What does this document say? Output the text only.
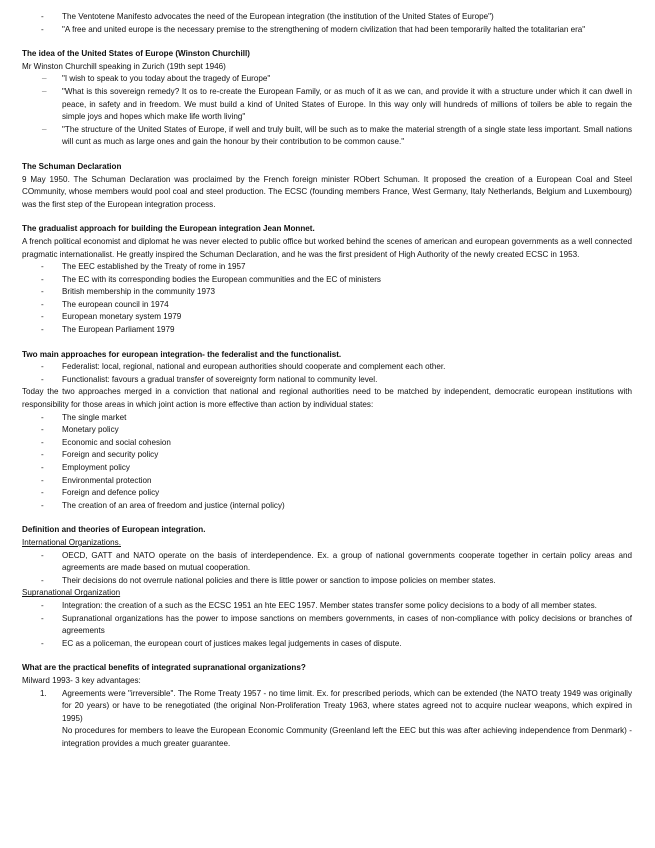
- The Ventotene Manifesto advocates the need of the European integration (the institution of the United States of Europe")
- "A free and united europe is the necessary premise to the strengthening of modern civilization that had been temporarily halted the totalitarian era"

The idea of the United States of Europe (Winston Churchill)

Mr Winston Churchill speaking in Zurich (19th sept 1946)

_ "I wish to speak to you today about the tragedy of Europe"
_ "What is this sovereign remedy? It os to re-create the European Family, or as much of it as we can, and provide it with a structure under which it can dwell in peace, in safety and in freedom. We must build a kind of United States of Europe. In this way only will hundreds of millions of toilers be able to regain the simple joys and hopes which make life worth living"
_ "The structure of the United States of Europe, if well and truly built, will be such as to make the material strength of a single state less important. Small nations will cunt as much as large ones and gain the honour by their contribution to be common cause."

The Schuman Declaration

9 May 1950. The Schuman Declaration was proclaimed by the French foreign minister RObert Schuman. It proposed the creation of a European Coal and Steel COmmunity, whose members would pool coal and steel production. The ECSC (founding members France, West Germany, Italy Netherlands, Belgium and Luxembourg) was the first step of the European integration process.

The gradualist approach for building the European integration Jean Monnet.

A french political economist and diplomat he was never elected to public office but worked behind the scenes of american and european governments as a well connected pragmatic internationalist. He greatly inspired the Schuman Declaration, and he was the first president of High Authority of the newly created ECSC in 1953.

- The EEC established by the Treaty of rome in 1957
- The EC with its corresponding bodies the European communities and the EC of ministers
- British membership in the community 1973
- The european council in 1974
- European monetary system 1979
- The European Parliament 1979

Two main approaches for european integration- the federalist and the functionalist.

- Federalist: local, regional, national and european authorities should cooperate and complement each other.
- Functionalist: favours a gradual transfer of sovereignty form national to community level.

Today the two approaches merged in a conviction that national and regional authorities need to be matched by independent, democratic european institutions with responsibility for those areas in which joint action is more effective than action by individual states:

- The single market
- Monetary policy
- Economic and social cohesion
- Foreign and security policy
- Employment policy
- Environmental protection
- Foreign and defence policy
- The creation of an area of freedom and justice (internal policy)

Definition and theories of European integration.

International Organizations.

- OECD, GATT and NATO operate on the basis of interdependence. Ex. a group of national governments cooperate together in certain policy areas and agreements are made based on mutual cooperation.
- Their decisions do not overrule national policies and there is little power or sanction to impose policies on member states.

Supranational Organization

- Integration: the creation of a such as the ECSC 1951 an hte EEC 1957. Member states transfer some policy decisions to a body of all member states.
- Supranational organizations has the power to impose sanctions on members governments, in cases of non-compliance with policy decisions or branches of agreements
- EC as a policeman, the european court of justices makes legal judgements in cases of dispute.

What are the practical benefits of integrated supranational organizations?

Milward 1993- 3 key advantages:

1. Agreements were "irreversible". The Rome Treaty 1957 - no time limit. Ex. for prescribed periods, which can be extended (the NATO treaty 1949 was originally for 20 years) or have to be renegotiated (the original Non-Proliferation Treaty 1963, where states agreed not to acquire nuclear weapons, which expired in 1995)

No procedures for members to leave the European Economic Community (Greenland left the EEC but this was after achieving independence from Denmark) - integration provides a much greater guarantee.
